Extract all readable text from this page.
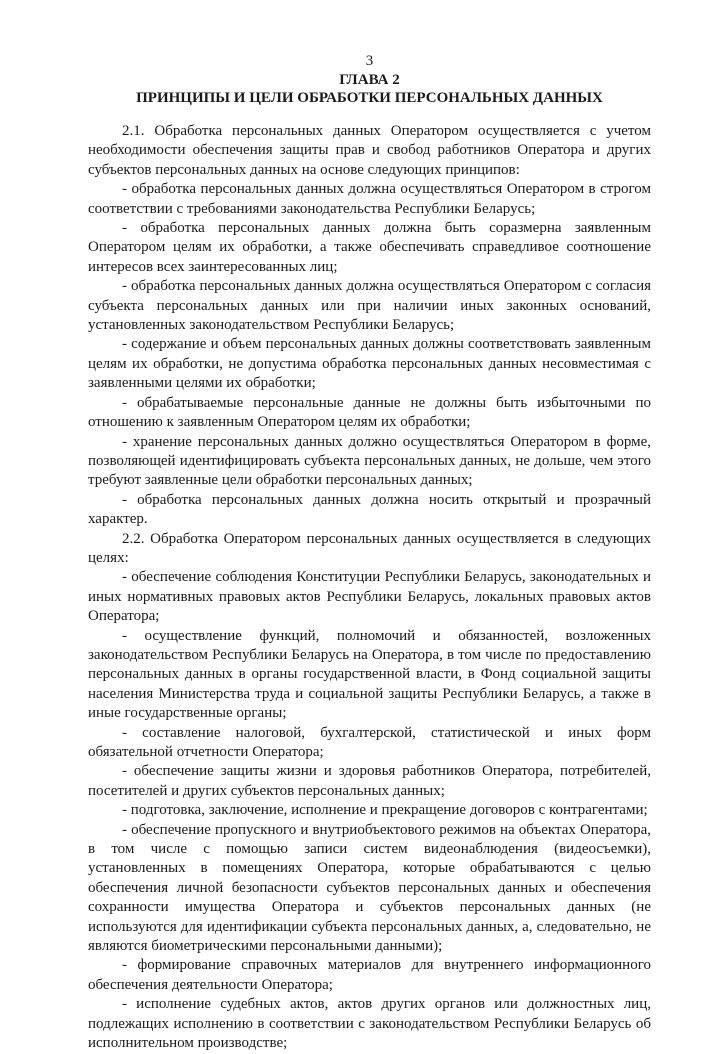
3
ГЛАВА 2
ПРИНЦИПЫ И ЦЕЛИ ОБРАБОТКИ ПЕРСОНАЛЬНЫХ ДАННЫХ

2.1. Обработка персональных данных Оператором осуществляется с учетом необходимости обеспечения защиты прав и свобод работников Оператора и других субъектов персональных данных на основе следующих принципов:

- обработка персональных данных должна осуществляться Оператором в строгом соответствии с требованиями законодательства Республики Беларусь;

- обработка персональных данных должна быть соразмерна заявленным Оператором целям их обработки, а также обеспечивать справедливое соотношение интересов всех заинтересованных лиц;

- обработка персональных данных должна осуществляться Оператором с согласия субъекта персональных данных или при наличии иных законных оснований, установленных законодательством Республики Беларусь;

- содержание и объем персональных данных должны соответствовать заявленным целям их обработки, не допустима обработка персональных данных несовместимая с заявленными целями их обработки;

- обрабатываемые персональные данные не должны быть избыточными по отношению к заявленным Оператором целям их обработки;

- хранение персональных данных должно осуществляться Оператором в форме, позволяющей идентифицировать субъекта персональных данных, не дольше, чем этого требуют заявленные цели обработки персональных данных;

- обработка персональных данных должна носить открытый и прозрачный характер.

2.2. Обработка Оператором персональных данных осуществляется в следующих целях:

- обеспечение соблюдения Конституции Республики Беларусь, законодательных и иных нормативных правовых актов Республики Беларусь, локальных правовых актов Оператора;

- осуществление функций, полномочий и обязанностей, возложенных законодательством Республики Беларусь на Оператора, в том числе по предоставлению персональных данных в органы государственной власти, в Фонд социальной защиты населения Министерства труда и социальной защиты Республики Беларусь, а также в иные государственные органы;

- составление налоговой, бухгалтерской, статистической и иных форм обязательной отчетности Оператора;

- обеспечение защиты жизни и здоровья работников Оператора, потребителей, посетителей и других субъектов персональных данных;

- подготовка, заключение, исполнение и прекращение договоров с контрагентами;

- обеспечение пропускного и внутриобъектового режимов на объектах Оператора, в том числе с помощью записи систем видеонаблюдения (видеосъемки), установленных в помещениях Оператора, которые обрабатываются с целью обеспечения личной безопасности субъектов персональных данных и обеспечения сохранности имущества Оператора и субъектов персональных данных (не используются для идентификации субъекта персональных данных, а, следовательно, не являются биометрическими персональными данными);

- формирование справочных материалов для внутреннего информационного обеспечения деятельности Оператора;

- исполнение судебных актов, актов других органов или должностных лиц, подлежащих исполнению в соответствии с законодательством Республики Беларусь об исполнительном производстве;
